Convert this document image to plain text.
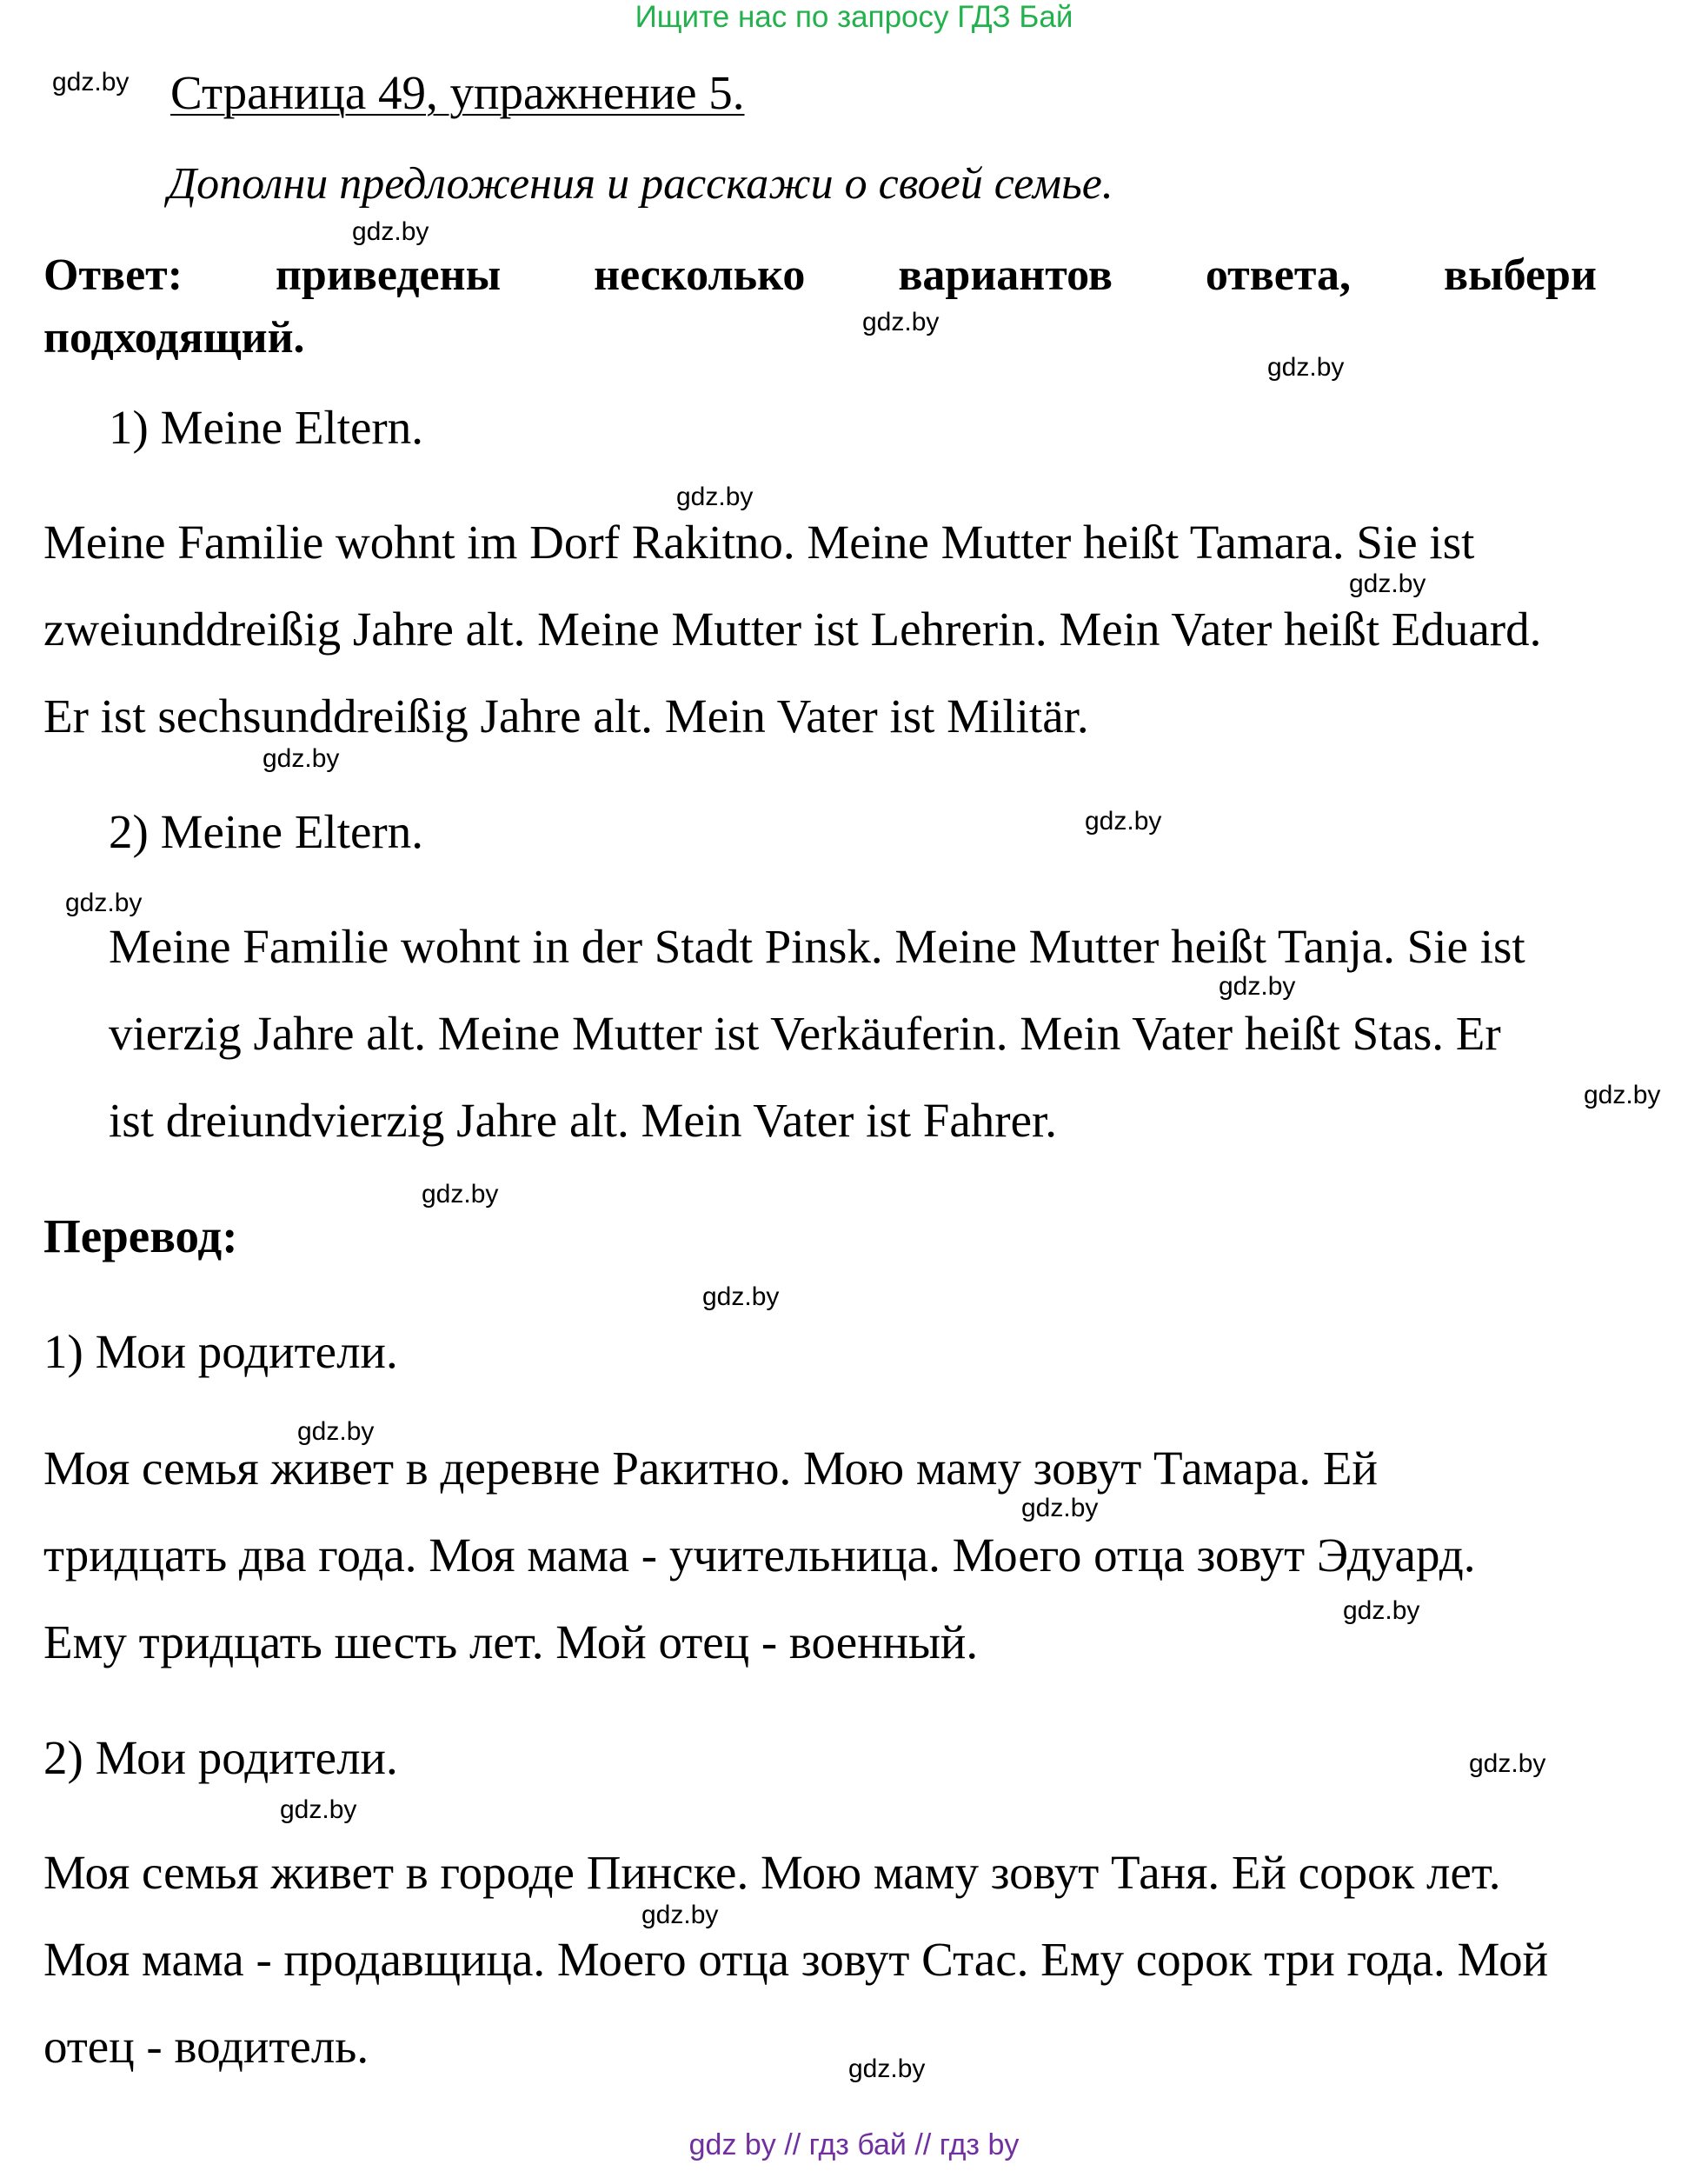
Ищите нас по запросу ГДЗ Бай
gdz.by
gdz.by
gdz.by
gdz.by
gdz.by
gdz.by
gdz.by
gdz.by
gdz.by
gdz.by
gdz.by
gdz.by
gdz.by
gdz.by
gdz.by
gdz.by
gdz.by
gdz.by
gdz.by
gdz.by
Страница 49, упражнение 5.
Дополни предложения и расскажи о своей семье.
Ответ: приведены несколько вариантов ответа, выбери
подходящий.
1) Meine Eltern.
Meine Familie wohnt im Dorf Rakitno. Meine Mutter heißt Tamara. Sie ist
zweiunddreißig Jahre alt. Meine Mutter ist Lehrerin. Mein Vater heißt Eduard.
Er ist sechsunddreißig Jahre alt. Mein Vater ist Militär.
2) Meine Eltern.
Meine Familie wohnt in der Stadt Pinsk. Meine Mutter heißt Tanja. Sie ist
vierzig Jahre alt. Meine Mutter ist Verkäuferin. Mein Vater heißt Stas. Er
ist dreiundvierzig Jahre alt. Mein Vater ist Fahrer.
Перевод:
1) Мои родители.
Моя семья живет в деревне Ракитно. Мою маму зовут Тамара. Ей
тридцать два года. Моя мама - учительница. Моего отца зовут Эдуард.
Ему тридцать шесть лет. Мой отец - военный.
2) Мои родители.
Моя семья живет в городе Пинске. Мою маму зовут Таня. Ей сорок лет.
Моя мама - продавщица. Моего отца зовут Стас. Ему сорок три года. Мой
отец - водитель.
gdz by // гдз бай // гдз by
